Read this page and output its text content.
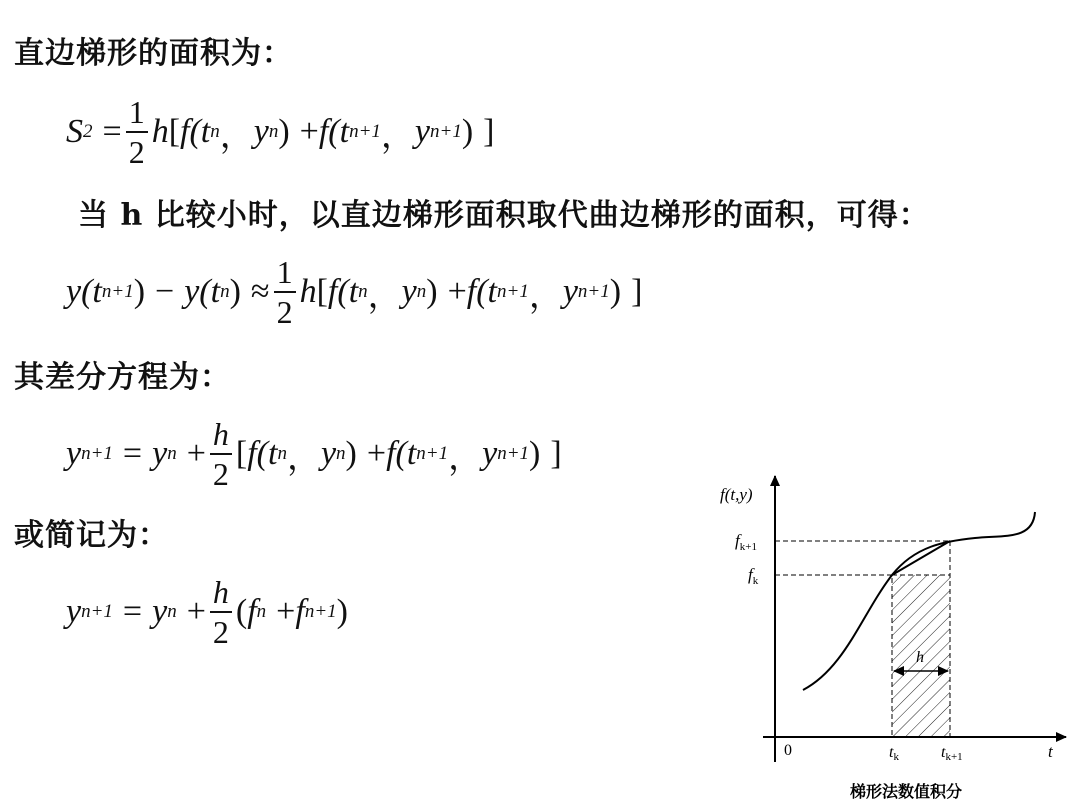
直边梯形的面积为：
S $2 = \frac{1}{2}$ h [ f( t n ， y n ) + f( t n+1 ， y n+1 ) ]
当 h 比较小时，以直边梯形面积取代曲边梯形的面积，可得：
y( t n+1 ) − y( t n ) ≈ $\frac{1}{2}$ h [ f( t n ， y n ) + f( t n+1 ， y n+1 ) ]
其差分方程为：
y n+1 = y $n + \frac{h}{2}$ [ f( t n ， y n ) + f( t n+1 ， y n+1 ) ]
或简记为：
y n+1 = y $n + \frac{h}{2}$ ( f n + f n+1 )
f(t,y)
t
0
$f_{k+1}$
$f_k$
tk	tk+1
h
梯形法数值积分
